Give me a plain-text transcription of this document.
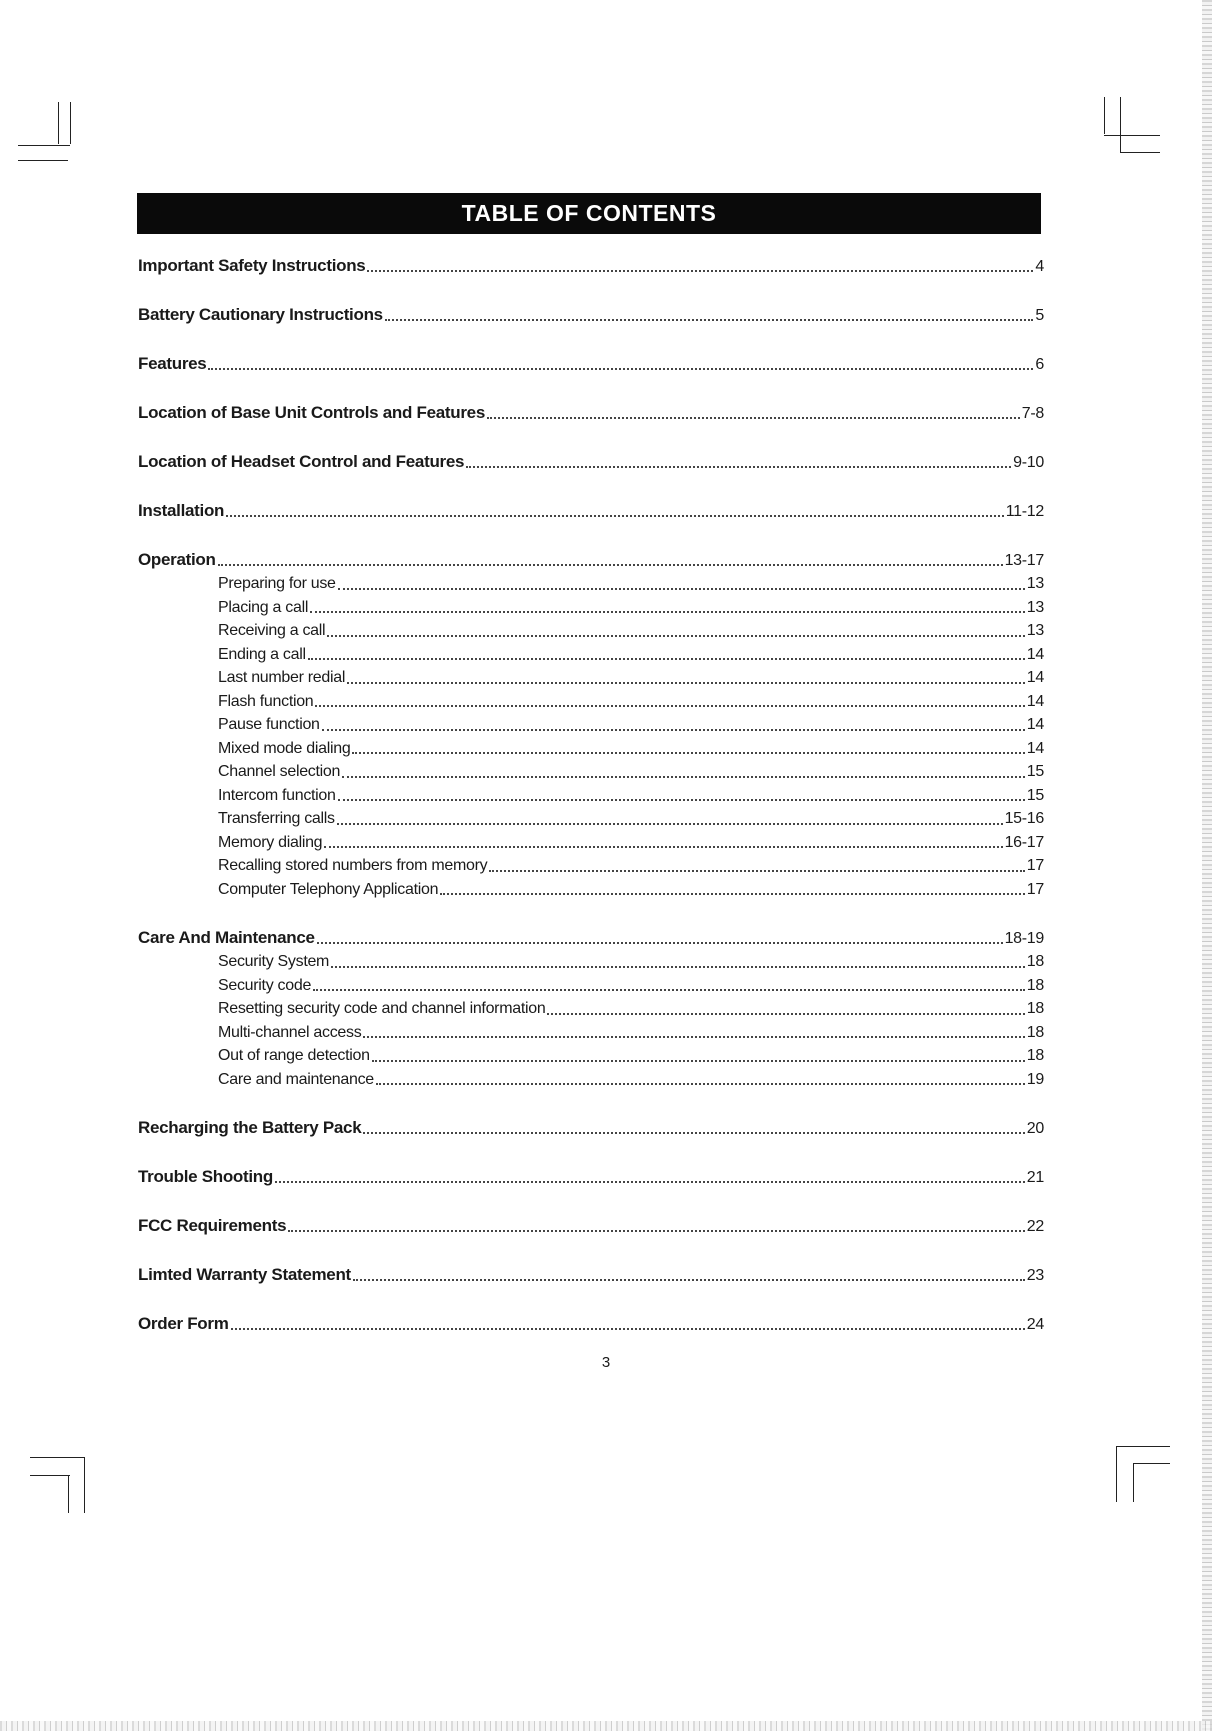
TABLE OF CONTENTS
Important Safety Instructions	4
Battery Cautionary Instructions	5
Features	6
Location of Base Unit Controls and Features	7-8
Location of Headset Control and Features	9-10
Installation	11-12
Operation	13-17
Preparing for use	13
Placing a call	13
Receiving a call	13
Ending a call	14
Last number redial	14
Flash function	14
Pause function	14
Mixed mode dialing	14
Channel selection	15
Intercom function	15
Transferring calls	15-16
Memory dialing	16-17
Recalling stored numbers from memory	17
Computer Telephony Application	17
Care And Maintenance	18-19
Security System	18
Security code	18
Resetting security code and channel information	18
Multi-channel access	18
Out of range detection	18
Care and maintenance	19
Recharging the Battery Pack	20
Trouble Shooting	21
FCC Requirements	22
Limted Warranty Statement	23
Order Form	24
3
